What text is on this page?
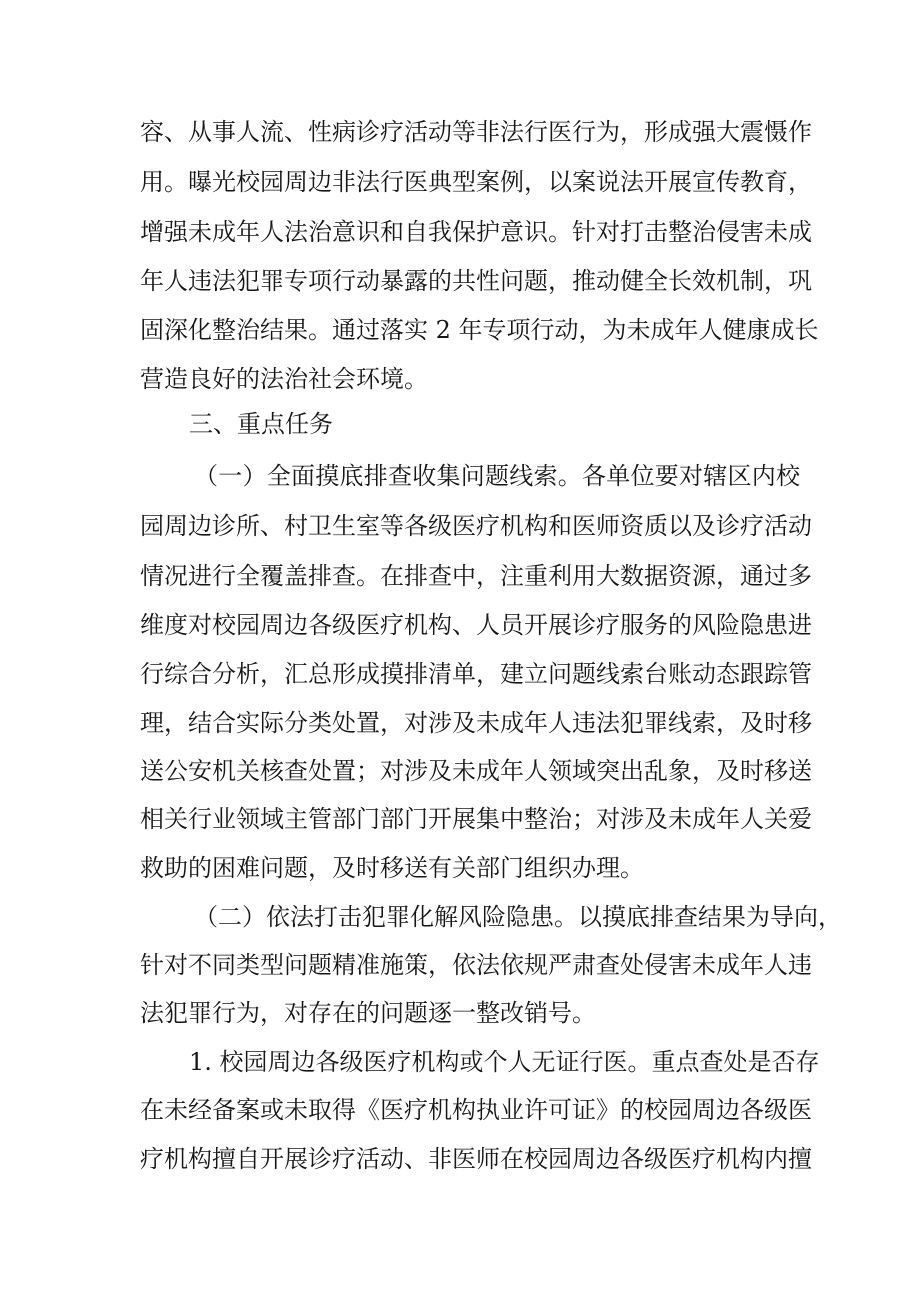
容、从事人流、性病诊疗活动等非法行医行为，形成强大震慑作
用。曝光校园周边非法行医典型案例，以案说法开展宣传教育，
增强未成年人法治意识和自我保护意识。针对打击整治侵害未成
年人违法犯罪专项行动暴露的共性问题，推动健全长效机制，巩
固深化整治结果。通过落实 2 年专项行动，为未成年人健康成长
营造良好的法治社会环境。
三、重点任务
（一）全面摸底排查收集问题线索。各单位要对辖区内校
园周边诊所、村卫生室等各级医疗机构和医师资质以及诊疗活动
情况进行全覆盖排查。在排查中，注重利用大数据资源，通过多
维度对校园周边各级医疗机构、人员开展诊疗服务的风险隐患进
行综合分析，汇总形成摸排清单，建立问题线索台账动态跟踪管
理，结合实际分类处置，对涉及未成年人违法犯罪线索，及时移
送公安机关核查处置；对涉及未成年人领域突出乱象，及时移送
相关行业领域主管部门部门开展集中整治；对涉及未成年人关爱
救助的困难问题，及时移送有关部门组织办理。
（二）依法打击犯罪化解风险隐患。以摸底排查结果为导向，
针对不同类型问题精准施策，依法依规严肃查处侵害未成年人违
法犯罪行为，对存在的问题逐一整改销号。
1. 校园周边各级医疗机构或个人无证行医。重点查处是否存
在未经备案或未取得《医疗机构执业许可证》的校园周边各级医
疗机构擅自开展诊疗活动、非医师在校园周边各级医疗机构内擅
